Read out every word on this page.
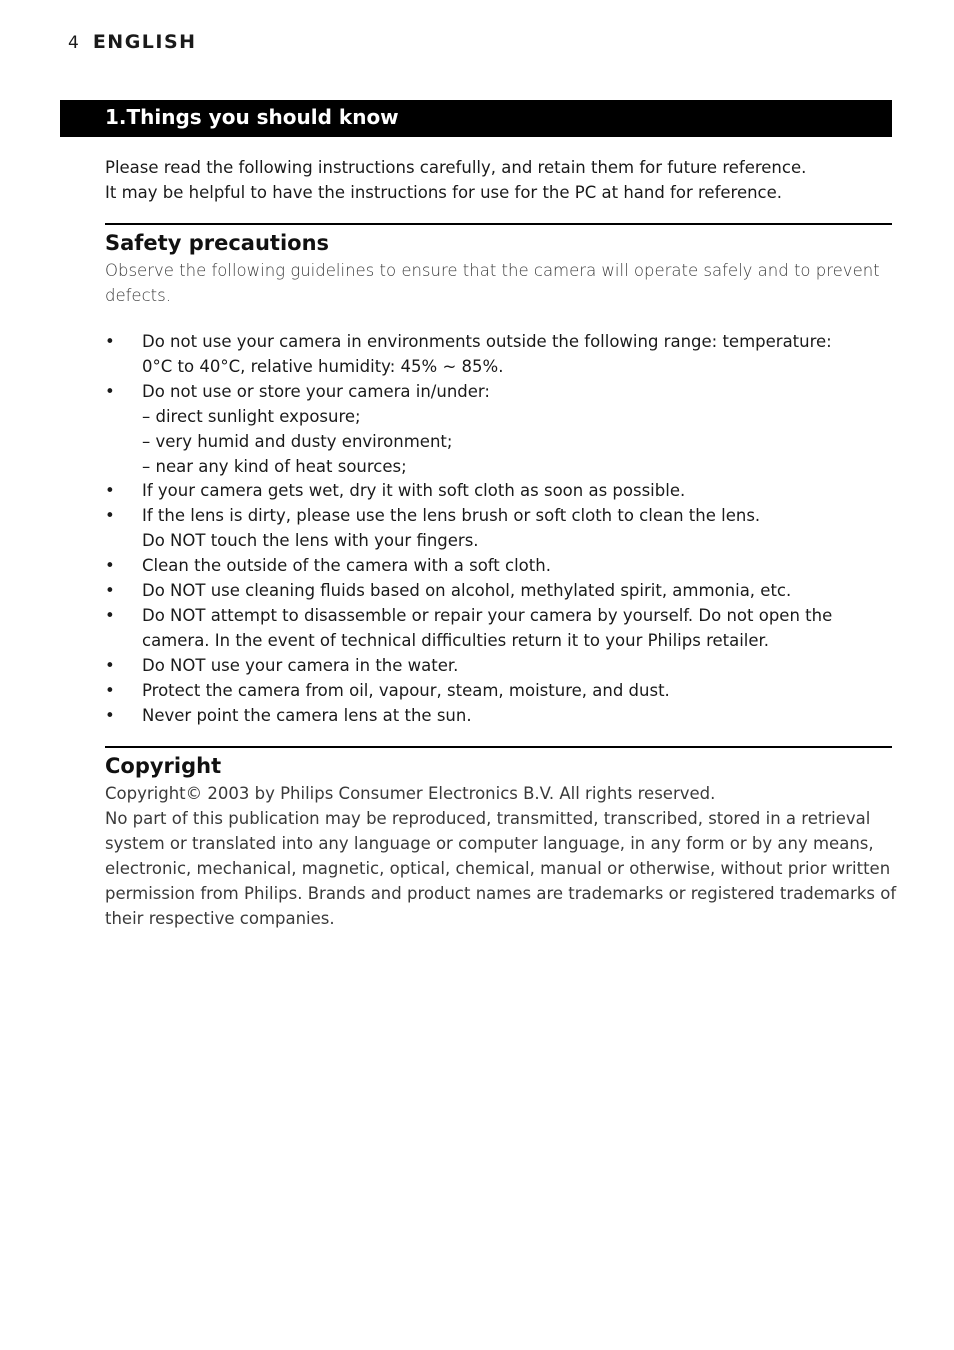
4 ENGLISH
1.Things you should know

Please read the following instructions carefully, and retain them for future reference.

It may be helpful to have the instructions for use for the PC at hand for reference.

Safety precautions

Observe the following guidelines to ensure that the camera will operate safely and to prevent
defects.

• Do not use your camera in environments outside the following range: temperature:
0°C to 40°C, relative humidity: 45% ~ 85%.
• Do not use or store your camera in/under:
– direct sunlight exposure;
– very humid and dusty environment;
– near any kind of heat sources;
• If your camera gets wet, dry it with soft cloth as soon as possible.
• If the lens is dirty, please use the lens brush or soft cloth to clean the lens.
Do NOT touch the lens with your fingers.
• Clean the outside of the camera with a soft cloth.
• Do NOT use cleaning fluids based on alcohol, methylated spirit, ammonia, etc.
• Do NOT attempt to disassemble or repair your camera by yourself. Do not open the
camera. In the event of technical difficulties return it to your Philips retailer.
• Do NOT use your camera in the water.
• Protect the camera from oil, vapour, steam, moisture, and dust.
• Never point the camera lens at the sun.
Copyright

Copyright© 2003 by Philips Consumer Electronics B.V. All rights reserved.
No part of this publication may be reproduced, transmitted, transcribed, stored in a retrieval
system or translated into any language or computer language, in any form or by any means,
electronic, mechanical, magnetic, optical, chemical, manual or otherwise, without prior written
permission from Philips. Brands and product names are trademarks or registered trademarks of
their respective companies.
